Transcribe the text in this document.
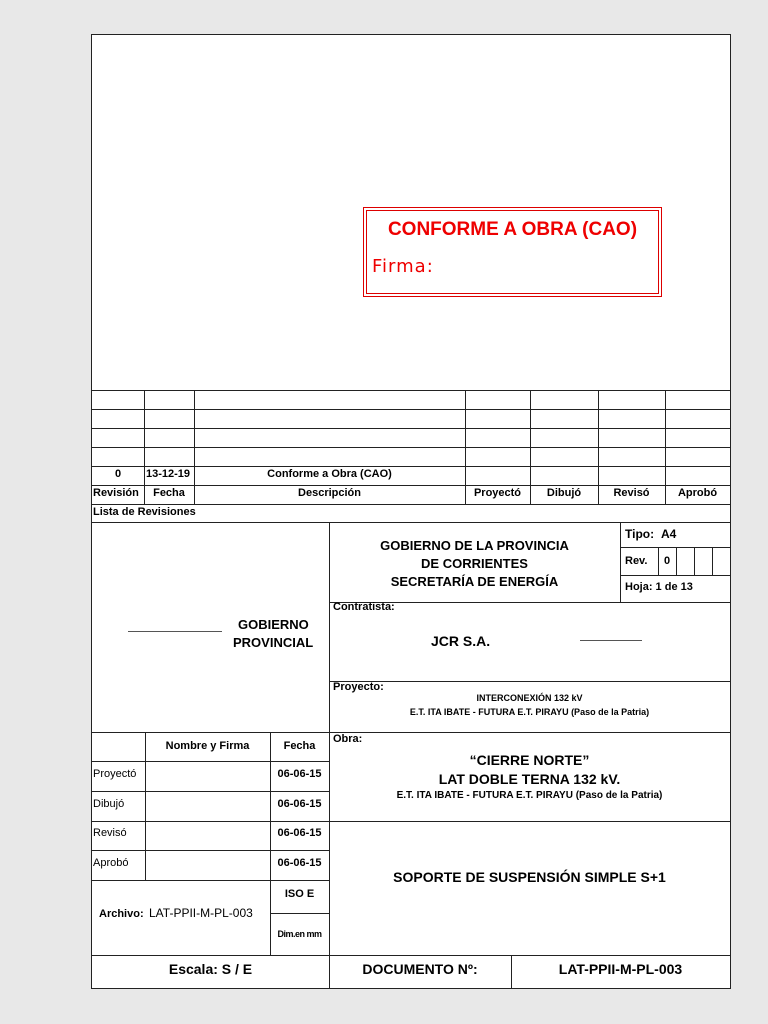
CONFORME A OBRA (CAO)
Firma:
0	13-12-19	Conforme a Obra (CAO)
Revisión	Fecha	Descripción	Proyectó	Dibujó	Revisó	Aprobó
Lista de Revisiones
GOBIERNO
PROVINCIAL
GOBIERNO DE LA PROVINCIA
DE CORRIENTES
SECRETARÍA DE ENERGÍA
Tipo: A4
Rev.	0
Hoja: 1 de 13
Contratista:
JCR S.A.
Proyecto:
INTERCONEXIÓN 132 kV
E.T. ITA IBATE - FUTURA E.T. PIRAYU (Paso de la Patria)
Nombre y Firma	Fecha
Proyectó	06-06-15
Dibujó	06-06-15
Revisó	06-06-15
Aprobó	06-06-15
Obra:
“CIERRE NORTE”
LAT DOBLE TERNA 132 kV.
E.T. ITA IBATE - FUTURA E.T. PIRAYU (Paso de la Patria)
Archivo: LAT-PPII-M-PL-003
ISO E
Dim.en mm
SOPORTE DE SUSPENSIÓN SIMPLE S+1
Escala: S / E	DOCUMENTO Nº:	LAT-PPII-M-PL-003
